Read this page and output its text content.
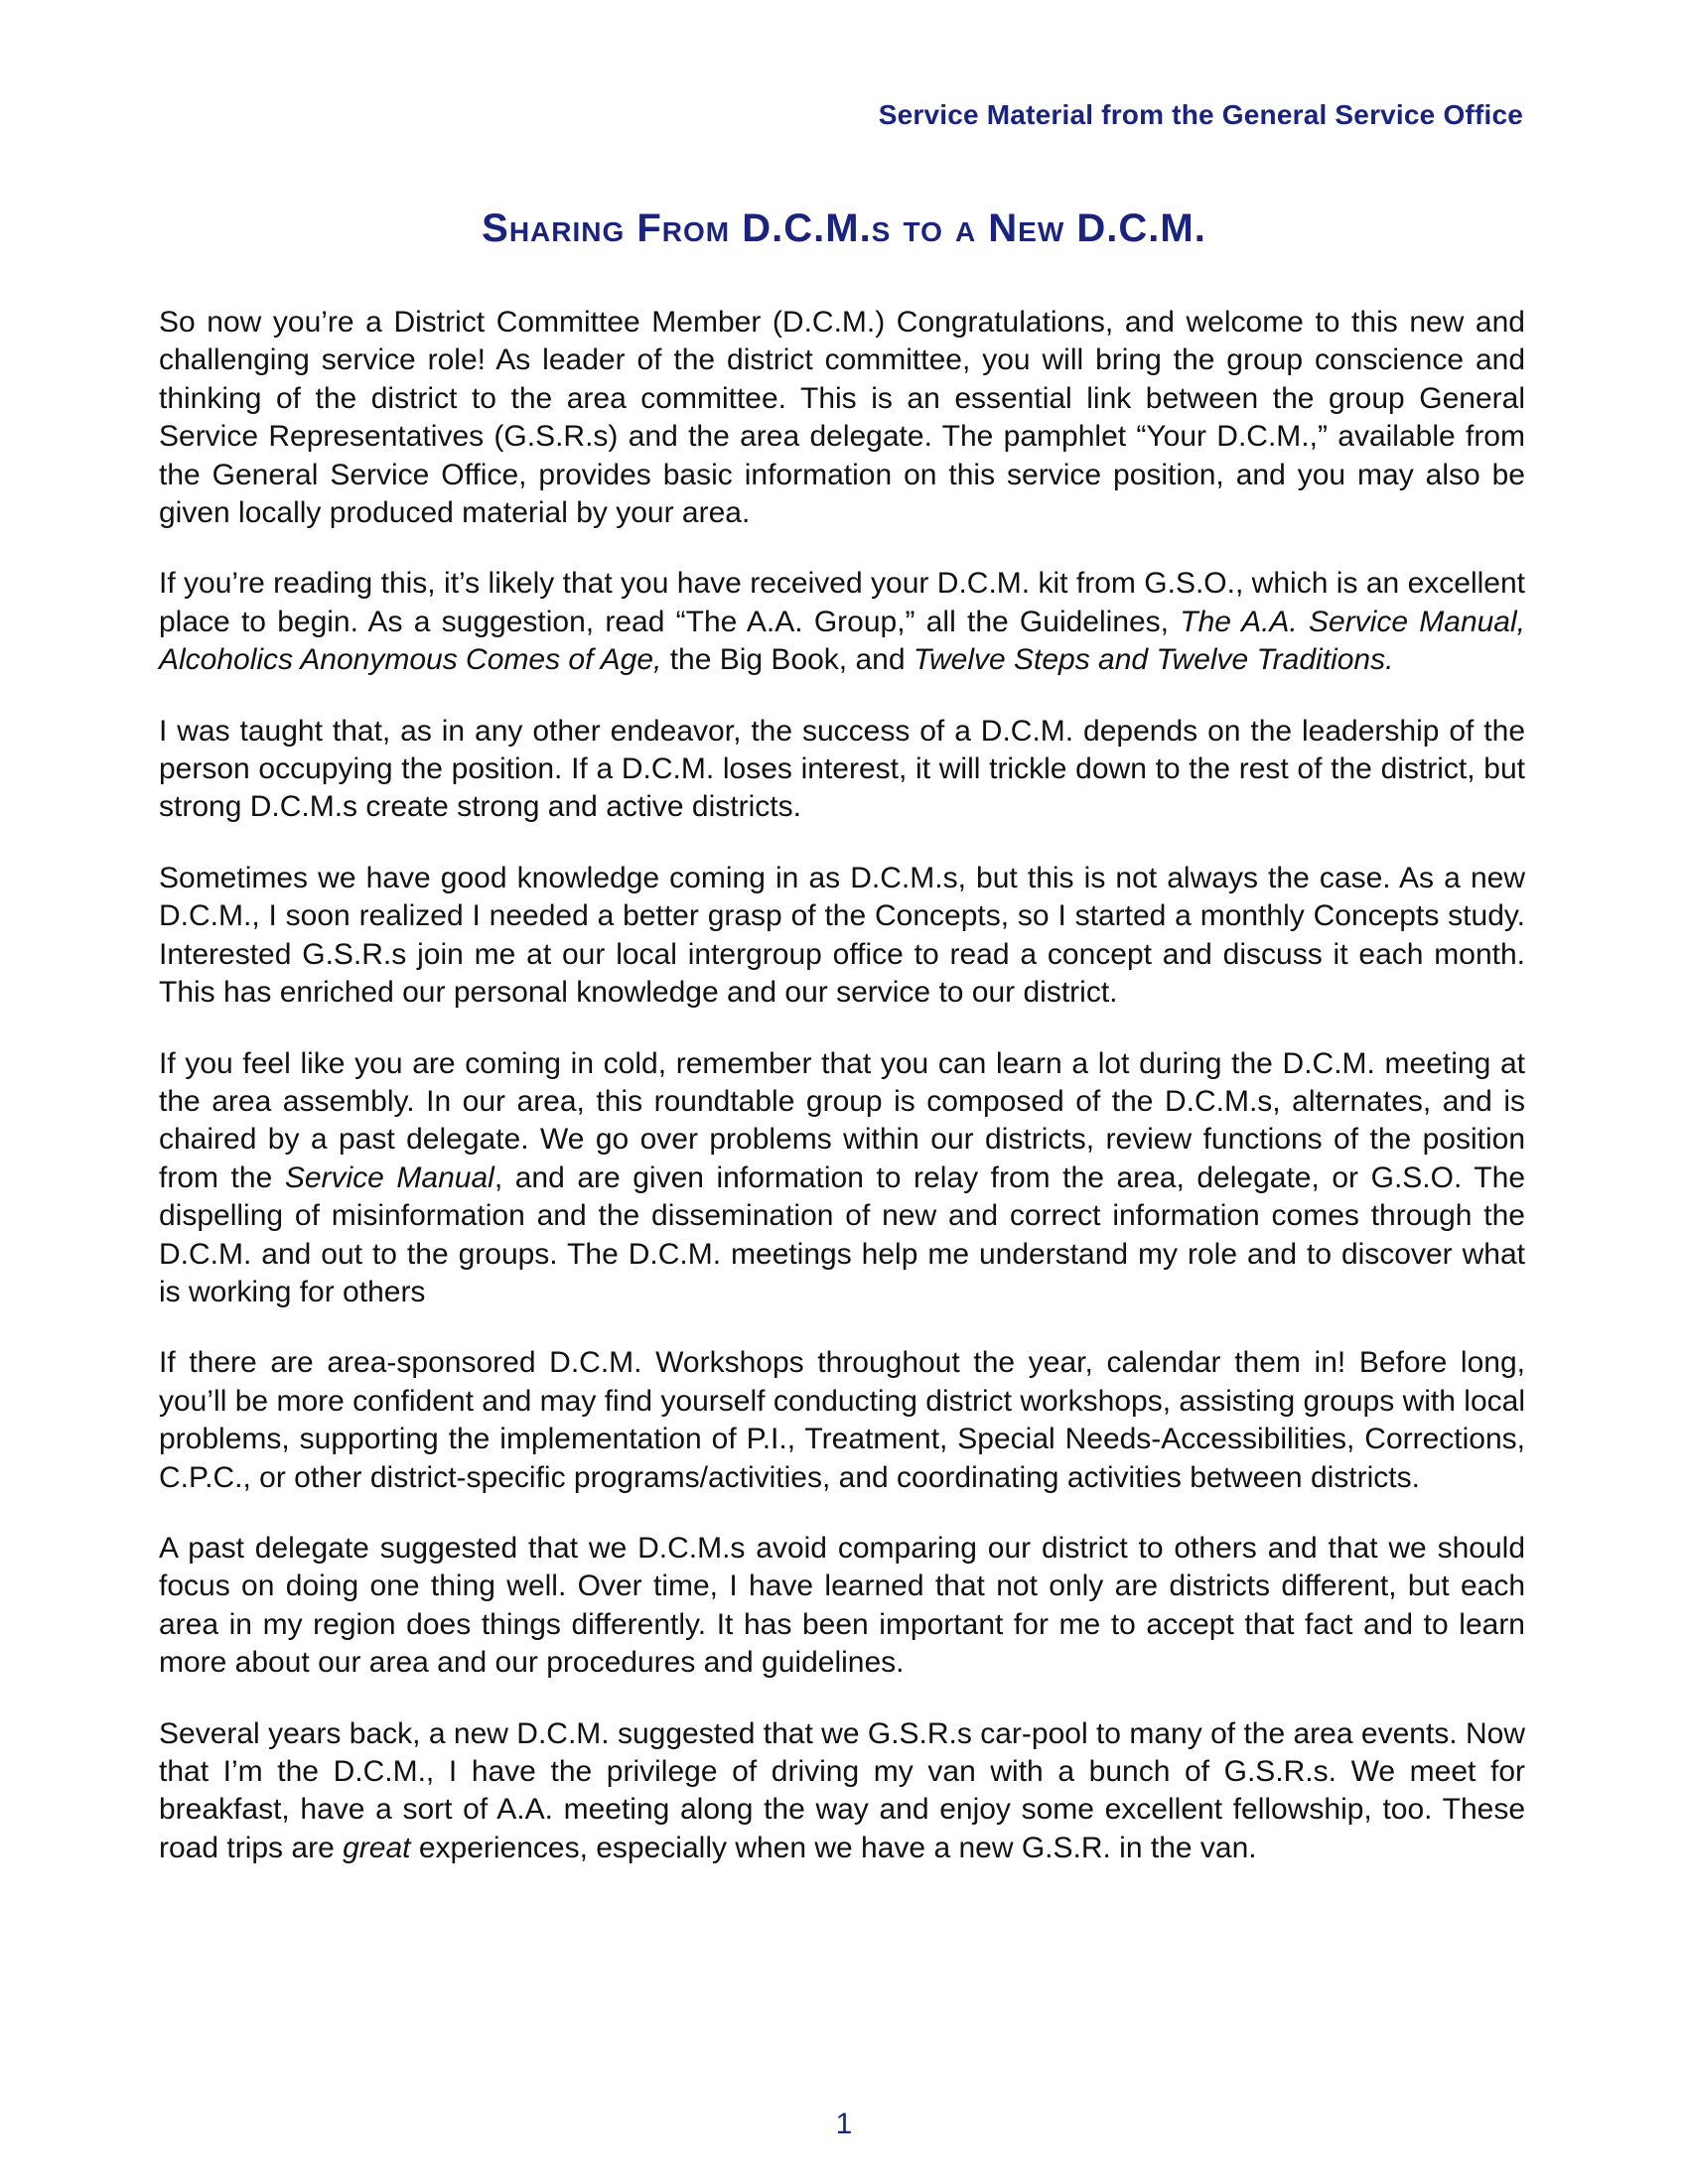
Service Material from the General Service Office
Sharing From D.C.M.s to a New D.C.M.

So now you’re a District Committee Member (D.C.M.) Congratulations, and welcome to this new and challenging service role! As leader of the district committee, you will bring the group conscience and thinking of the district to the area committee. This is an essential link between the group General Service Representatives (G.S.R.s) and the area delegate. The pamphlet “Your D.C.M.,” available from the General Service Office, provides basic information on this service position, and you may also be given locally produced material by your area.

If you’re reading this, it’s likely that you have received your D.C.M. kit from G.S.O., which is an excellent place to begin. As a suggestion, read “The A.A. Group,” all the Guidelines, The A.A. Service Manual, Alcoholics Anonymous Comes of Age, the Big Book, and Twelve Steps and Twelve Traditions.

I was taught that, as in any other endeavor, the success of a D.C.M. depends on the leadership of the person occupying the position. If a D.C.M. loses interest, it will trickle down to the rest of the district, but strong D.C.M.s create strong and active districts.

Sometimes we have good knowledge coming in as D.C.M.s, but this is not always the case. As a new D.C.M., I soon realized I needed a better grasp of the Concepts, so I started a monthly Concepts study. Interested G.S.R.s join me at our local intergroup office to read a concept and discuss it each month. This has enriched our personal knowledge and our service to our district.

If you feel like you are coming in cold, remember that you can learn a lot during the D.C.M. meeting at the area assembly. In our area, this roundtable group is composed of the D.C.M.s, alternates, and is chaired by a past delegate. We go over problems within our districts, review functions of the position from the Service Manual, and are given information to relay from the area, delegate, or G.S.O. The dispelling of misinformation and the dissemination of new and correct information comes through the D.C.M. and out to the groups. The D.C.M. meetings help me understand my role and to discover what is working for others

If there are area-sponsored D.C.M. Workshops throughout the year, calendar them in! Before long, you’ll be more confident and may find yourself conducting district workshops, assisting groups with local problems, supporting the implementation of P.I., Treatment, Special Needs-Accessibilities, Corrections, C.P.C., or other district-specific programs/activities, and coordinating activities between districts.

A past delegate suggested that we D.C.M.s avoid comparing our district to others and that we should focus on doing one thing well. Over time, I have learned that not only are districts different, but each area in my region does things differently. It has been important for me to accept that fact and to learn more about our area and our procedures and guidelines.

Several years back, a new D.C.M. suggested that we G.S.R.s car-pool to many of the area events. Now that I’m the D.C.M., I have the privilege of driving my van with a bunch of G.S.R.s. We meet for breakfast, have a sort of A.A. meeting along the way and enjoy some excellent fellowship, too. These road trips are great experiences, especially when we have a new G.S.R. in the van.

1
